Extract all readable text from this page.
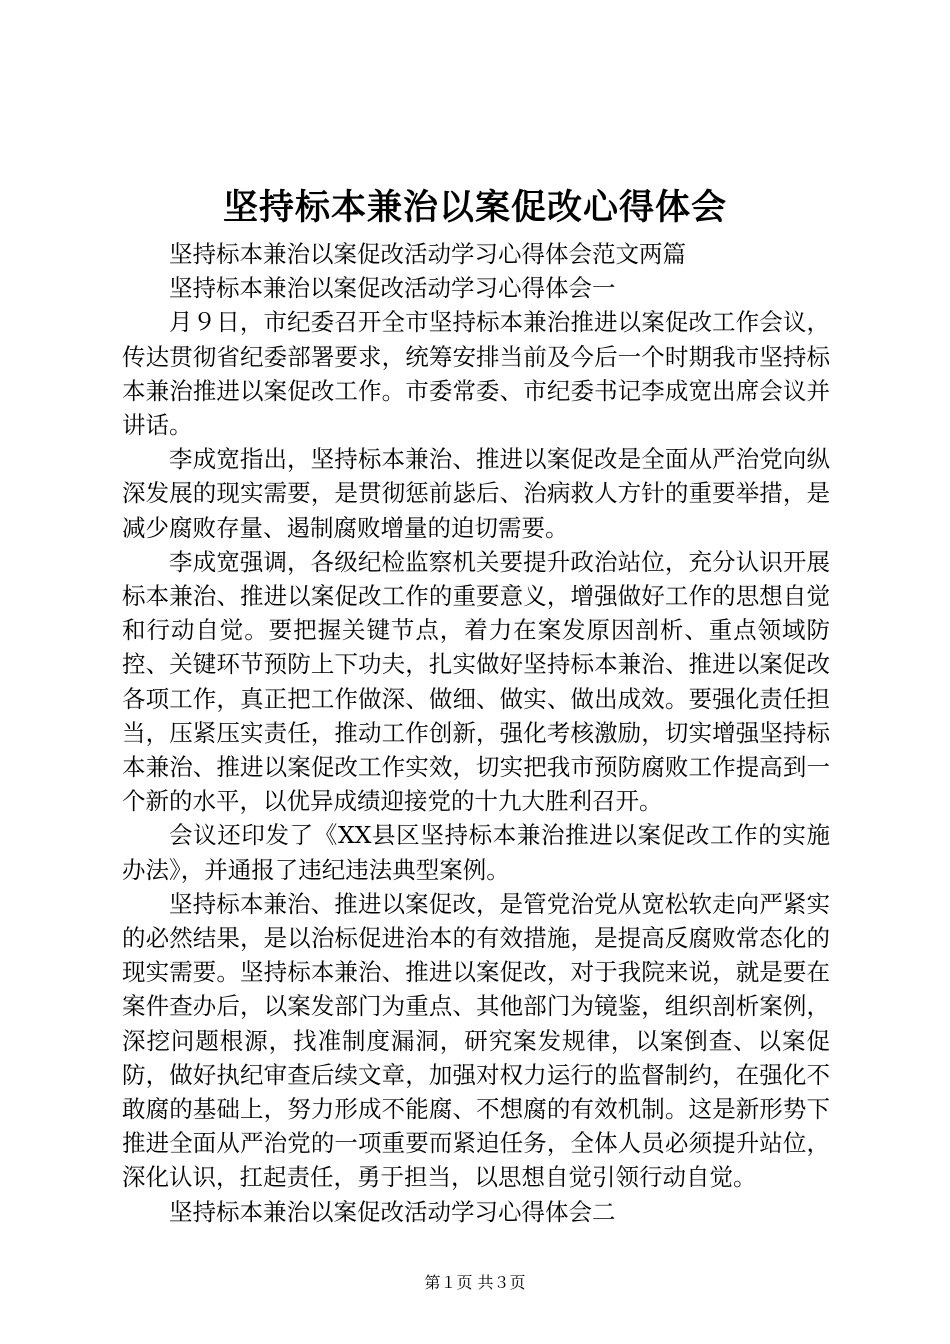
坚持标本兼治以案促改心得体会

坚持标本兼治以案促改活动学习心得体会范文两篇

坚持标本兼治以案促改活动学习心得体会一

月９日，市纪委召开全市坚持标本兼治推进以案促改工作会议，传达贯彻省纪委部署要求，统筹安排当前及今后一个时期我市坚持标本兼治推进以案促改工作。市委常委、市纪委书记李成宽出席会议并讲话。

李成宽指出，坚持标本兼治、推进以案促改是全面从严治党向纵深发展的现实需要，是贯彻惩前毖后、治病救人方针的重要举措，是减少腐败存量、遏制腐败增量的迫切需要。

李成宽强调，各级纪检监察机关要提升政治站位，充分认识开展标本兼治、推进以案促改工作的重要意义，增强做好工作的思想自觉和行动自觉。要把握关键节点，着力在案发原因剖析、重点领域防控、关键环节预防上下功夫，扎实做好坚持标本兼治、推进以案促改各项工作，真正把工作做深、做细、做实、做出成效。要强化责任担当，压紧压实责任，推动工作创新，强化考核激励，切实增强坚持标本兼治、推进以案促改工作实效，切实把我市预防腐败工作提高到一个新的水平，以优异成绩迎接党的十九大胜利召开。

会议还印发了《XX县区坚持标本兼治推进以案促改工作的实施办法》，并通报了违纪违法典型案例。

坚持标本兼治、推进以案促改，是管党治党从宽松软走向严紧实的必然结果，是以治标促进治本的有效措施，是提高反腐败常态化的现实需要。坚持标本兼治、推进以案促改，对于我院来说，就是要在案件查办后，以案发部门为重点、其他部门为镜鉴，组织剖析案例，深挖问题根源，找准制度漏洞，研究案发规律，以案倒查、以案促防，做好执纪审查后续文章，加强对权力运行的监督制约，在强化不敢腐的基础上，努力形成不能腐、不想腐的有效机制。这是新形势下推进全面从严治党的一项重要而紧迫任务，全体人员必须提升站位，深化认识，扛起责任，勇于担当，以思想自觉引领行动自觉。

坚持标本兼治以案促改活动学习心得体会二

第１页 共３页
